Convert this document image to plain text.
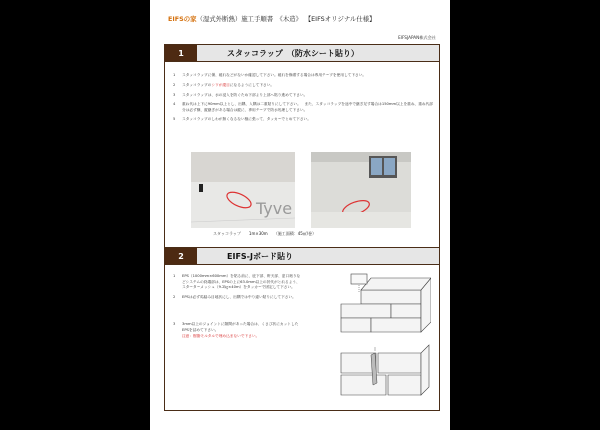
EIFSの家（湿式外断熱）施工手順書　《木造》 【EIFSオリジナル仕様】
EIFSJAPAN株式会社
1	スタッコラップ　（防水シート貼り）
1	スタッコラップに傷、破れなどがないか確認して下さい。破れを修繕する場合は専用テープを使用して下さい。
2	スタッコラップのシワが縦目になるようにして下さい。
3	スタッコラップは、水の浸入を防ぐため下部より上部へ貼り進めて下さい。
4	重ね代は上下に90mm以上とし、出隅、入隅は二重貼りにして下さい。　また、スタッコラップを途中で継ぎ足す場合は150mm以上を重ね、重ね代部分は必ず横、縦継ぎがある場合は縦に、専用テープで防水処理して下さい。
5	スタッコラップのしわが無くなるない様に張って、タッカーでとめて下さい。
Tyve
スタッコラップ　　1m×30m　　（施工面積：45㎡/巻）
2	EIFS-Jボード貼り
1	EPS（1000mm×600mm）を貼る前に、庇下部、軒天部、窓口廻りなどシステムの終端部は、EPSの上に63.0mm以上の折代がとれるよう、スターターメッシュ（9.2㎏×40m）をタッカーで固定して下さい。
2	EPSは必ず馬踏み目地状にし、出隅では中り違い貼りにして下さい。
3	3mm以上のジョイントに隙間があった場合は、くさび状にカットしたEPSを詰めて下さい。
注意：樹脂モルタルで埋め込まないで下さい。
